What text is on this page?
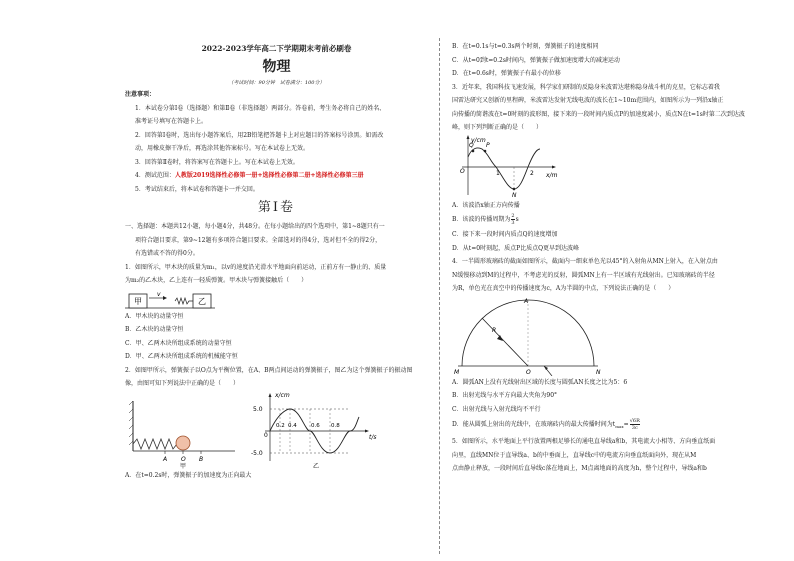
2022-2023学年高二下学期期末考前必刷卷
物理
（考试时间：90分钟　试卷满分：100分）
注意事项：

1．本试卷分第Ⅰ卷（选择题）和第Ⅱ卷（非选择题）两部分。答卷前，考生务必将自己的姓名、

准考证号填写在答题卡上。

2．回答第Ⅰ卷时，选出每小题答案后，用2B铅笔把答题卡上对应题目的答案标号涂黑。如需改

动，用橡皮擦干净后，再选涂其他答案标号。写在本试卷上无效。

3．回答第Ⅱ卷时，将答案写在答题卡上。写在本试卷上无效。

4．测试范围：人教版2019选择性必修第一册+选择性必修第二册+选择性必修第三册

5．考试结束后，将本试卷和答题卡一并交回。

第Ⅰ卷

一、选择题：本题共12小题，每小题4分，共48分。在每小题给出的四个选项中，第1~8题只有一

项符合题目要求，第9~12题有多项符合题目要求。全部选对的得4分，选对但不全的得2分，

有选错或不答的得0分。

1．如图所示，甲木块的质量为m₁，以v的速度沿光滑水平地面向前运动，正前方有一静止的、质量

为m₂的乙木块，乙上连有一轻质弹簧。甲木块与弹簧接触后（　　）

甲
v
乙

A．甲木块的动量守恒

B．乙木块的动量守恒

C．甲、乙两木块所组成系统的动量守恒

D．甲、乙两木块所组成系统的机械能守恒

2．如图甲所示，弹簧振子以O点为平衡位置，在A、B两点间运动的弹簧振子，图乙为这个弹簧振子的振动图

像，由图可知下列说法中正确的是（　　）

A O B
甲
x/cm
t/s
5.0
-5.0
0
0.2 0.4	0.6 0.8
乙

A．在t=0.2s时，弹簧振子的加速度为正向最大

B．在t=0.1s与t=0.3s两个时刻，弹簧振子的速度相同

C．从t=0到t=0.2s时间内，弹簧振子做加速度增大的减速运动

D．在t=0.6s时，弹簧振子有最小的位移

3．近年来，我国科技飞速发展，科学家们研制的反隐身米波雷达堪称隐身战斗机的克星，它标志着我

国雷达研究又创新的里程碑，米波雷达发射无线电波的波长在1~10m范围内，如图所示为一列沿x轴正

向传播的简谐波在t=0时刻的波形图，接下来的一段时间内质点P的加速度减小，质点N在t=1s时第二次到达波

峰，则下列判断正确的是（　　）

y/cm
x/m
Q P
N
O	1	2

A．该波沿x轴正方向传播

B．该波的传播周期为 $\frac{2}{3}$ s

C．接下来一段时间内质点Q的速度增加

D．从t=0时刻起，质点P比质点Q更早到达波峰

4．一半圆形玻璃砖的截面如图所示，截面内一细束单色光以45°的入射角从MN上射入，在入射点由

N缓慢移动到M的过程中，不考虑光的反射，圆弧MN上有一半区域有光线射出。已知玻璃砖的半径

为R，单色光在真空中的传播速度为c，A为半圆的中点，下列说法正确的是（　　）

A
R
M	O	N

A．圆弧AN上没有光线射出区域的长度与圆弧AN长度之比为5：6

B．出射光线与水平方向最大夹角为90°

C．出射光线与入射光线均不平行

D．能从圆弧上射出的光线中，在玻璃砖内的最大传播时间为$t_{max}= \frac{√6R}{3c}$

5．如图所示，水平地面上平行放置两根足够长的通电直导线a和b，其电流大小相等、方向垂直纸面

向里，直线MN位于直导线a、b的中垂面上，直导线c中的电流方向垂直纸面向外，现在从M

点由静止释放，一段时间后直导线c落在地面上，M点离地面的高度为h，整个过程中，导线a和b
